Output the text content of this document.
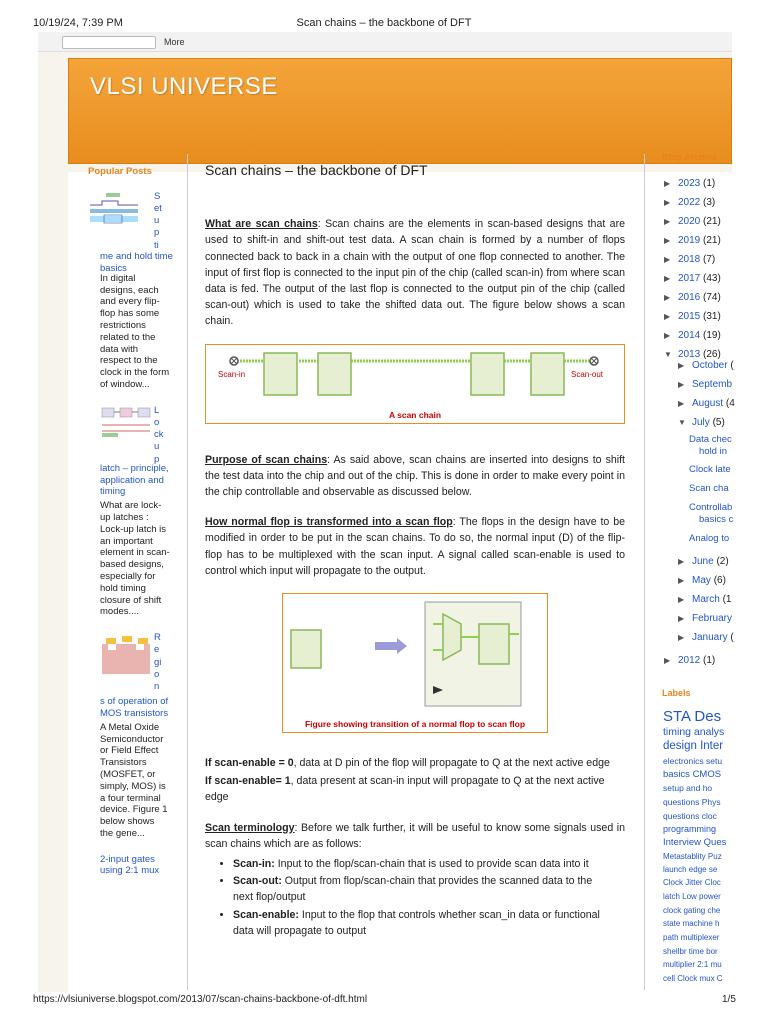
10/19/24, 7:39 PM	Scan chains – the backbone of DFT
More
VLSI UNIVERSE
Popular Posts
S
et
u
p
ti
me and hold time basics
In digital designs, each and every flip-flop has some restrictions related to the data with respect to the clock in the form of window...
L
o
ck
u
p
latch – principle, application and timing
What are lock-up latches : Lock-up latch is an important element in scan-based designs, especially for hold timing closure of shift modes....
R
e
gi
o
n
s of operation of MOS transistors
A Metal Oxide Semiconductor or Field Effect Transistors (MOSFET, or simply, MOS) is a four terminal device. Figure 1 below shows the gene...
2-input gates using 2:1 mux
Scan chains – the backbone of DFT

What are scan chains: Scan chains are the elements in scan-based designs that are used to shift-in and shift-out test data. A scan chain is formed by a number of flops connected back to back in a chain with the output of one flop connected to another. The input of first flop is connected to the input pin of the chip (called scan-in) from where scan data is fed. The output of the last flop is connected to the output pin of the chip (called scan-out) which is used to take the shifted data out. The figure below shows a scan chain.

Scan-in	Scan-out
A scan chain

Purpose of scan chains: As said above, scan chains are inserted into designs to shift the test data into the chip and out of the chip. This is done in order to make every point in the chip controllable and observable as discussed below.

How normal flop is transformed into a scan flop: The flops in the design have to be modified in order to be put in the scan chains. To do so, the normal input (D) of the flip-flop has to be multiplexed with the scan input. A signal called scan-enable is used to control which input will propagate to the output.

Figure showing transition of a normal flop to scan flop

If scan-enable = 0, data at D pin of the flop will propagate to Q at the next active edge

If scan-enable= 1, data present at scan-in input will propagate to Q at the next active edge

Scan terminology: Before we talk further, it will be useful to know some signals used in scan chains which are as follows:

• Scan-in: Input to the flop/scan-chain that is used to provide scan data into it
• Scan-out: Output from flop/scan-chain that provides the scanned data to the next flop/output
• Scan-enable: Input to the flop that controls whether scan_in data or functional data will propagate to output
Blog Archive
▶ 2023 (1)
▶ 2022 (3)
▶ 2020 (21)
▶ 2019 (21)
▶ 2018 (7)
▶ 2017 (43)
▶ 2016 (74)
▶ 2015 (31)
▶ 2014 (19)
▼ 2013 (26)
▶ October (
▶ Septemb
▶ August (4
▼ July (5)
Data chec
hold in
Clock late
Scan cha
Controllab
basics c
Analog to
▶ June (2)
▶ May (6)
▶ March (1
▶ February
▶ January (
▶ 2012 (1)
Labels
STA Des
timing analys
design Inter
electronics setu
basics CMOS
setup and ho
questions Phys
questions cloc
programming
Interview Ques
Metastablity Puz
launch edge se
Clock Jitter Cloc
latch Low power
clock gating che
state machine h
path multiplexer
shellbr time bor
multiplier 2:1 mu
cell Clock mux C
https://vlsiuniverse.blogspot.com/2013/07/scan-chains-backbone-of-dft.html	1/5
